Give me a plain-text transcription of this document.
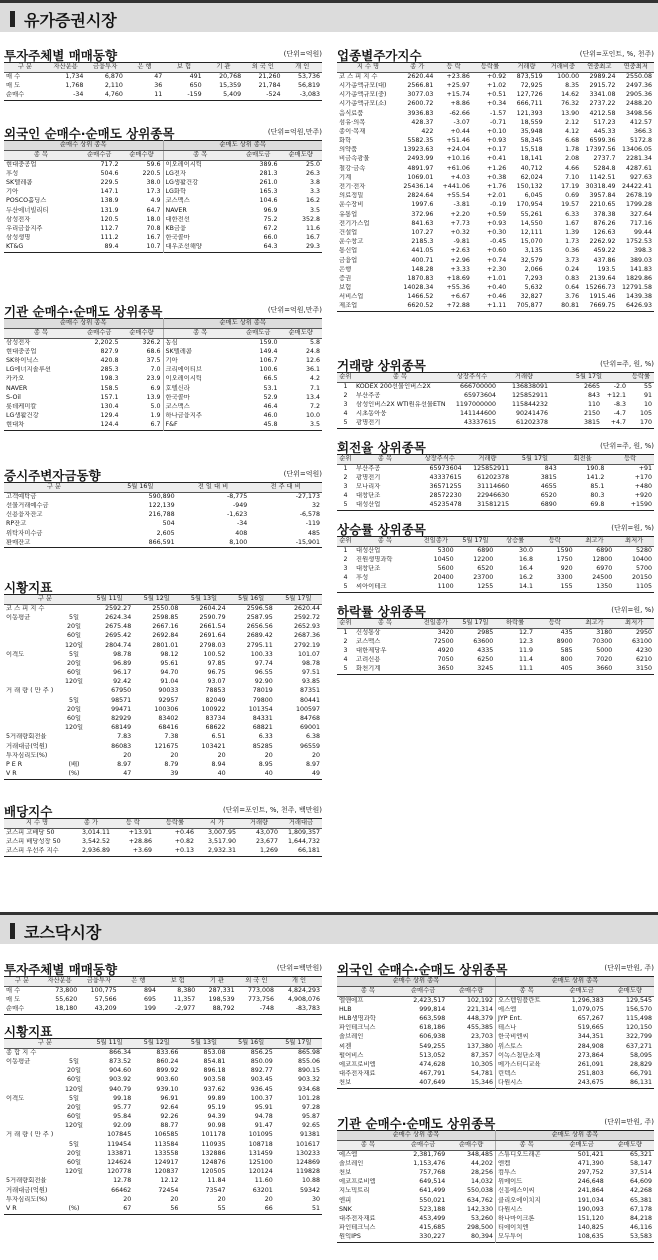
유가증권시장
투자주체별 매매동향	(단위=억원)
구 분	자산운용	금융투자	은 행	보 험	기 관	외 국 인	개 인
매 수	1,734	6,870	47	491	20,768	21,260	53,736
매 도	1,768	2,110	36	650	15,359	21,784	56,819
순매수	-34	4,760	11	-159	5,409	-524	-3,083
외국인 순매수·순매도 상위종목	(단위=억원,만주)
순매수 상위 종목			순매도 상위 종목		
종 목	순매수금	순매수량	종 목	순매도금	순매도량
현대중공업	717.2	59.6	이오레이시틱	389.6	25.0
후성	504.6	220.5	LG전자	281.3	26.3
SK텔레콤	229.5	38.0	LG생활건강	261.0	3.8
기아	147.1	17.3	LG화학	165.3	3.3
POSCO홀딩스	138.9	4.9	코스맥스	104.6	16.2
두산에너빌리티	131.9	64.7	NAVER	96.9	3.5
삼성전자	120.5	18.0	대한전선	75.2	352.8
우리금융지주	112.7	70.8	KB금융	67.2	11.6
삼성생명	111.2	16.7	한국콜마	66.0	16.7
KT&G	89.4	10.7	대우조선해양	64.3	29.3
기관 순매수·순매도 상위종목	(단위=억원,만주)
순매수 상위 종목			순매도 상위 종목		
종 목	순매수금	순매수량	종 목	순매도금	순매도량
삼성전자	2,202.5	326.2	농심	159.0	5.8
현대중공업	827.9	68.6	SK텔레콤	149.4	24.8
SK하이닉스	420.8	37.5	기아	106.7	12.6
LG에너지솔루션	285.3	7.0	크리에이티브	100.6	36.1
카카오	198.3	23.9	이오레이시틱	66.5	4.2
NAVER	158.5	6.9	호텔신라	53.1	7.1
S-Oil	157.1	13.9	한국콜마	52.9	13.4
롯데케미칼	130.4	5.0	코스맥스	46.4	7.2
LG생활건강	129.4	1.9	하나금융지주	46.0	10.0
현대차	124.4	6.7	F&F	45.8	3.5
증시주변자금동향	(단위=억원)
구 분	5월 16일	전 일 대 비	전 주 대 비
고객예탁금	590,890	-8,775	-27,173
선물거래예수금	122,139	-949	32
신용융자잔고	216,788	-1,623	-6,578
RP잔고	504	-34	-119
위탁자미수금	2,605	408	485
환매잔고	866,591	8,100	-15,901
시황지표
구 분		5월 11일	5월 12일	5월 13일	5월 16일	5월 17일
코 스 피 지 수		2592.27	2550.08	2604.24	2596.58	2620.44
이동평균	5일	2624.34	2598.85	2590.79	2587.95	2592.72
	20일	2675.48	2667.16	2661.54	2656.56	2652.93
	60일	2695.42	2692.84	2691.64	2689.42	2687.36
	120일	2804.74	2801.01	2798.03	2795.11	2792.19
이격도	5일	98.78	98.12	100.52	100.33	101.07
	20일	96.89	95.61	97.85	97.74	98.78
	60일	96.17	94.70	96.75	96.55	97.51
	120일	92.42	91.04	93.07	92.90	93.85
거 래 량 ( 만 주 )		67950	90033	78853	78019	87351
	5일	98571	92957	82049	79800	80441
	20일	99471	100306	100922	101354	100597
	60일	82929	83402	83734	84331	84768
	120일	68149	68416	68622	68821	69001
5거래량회전율		7.83	7.38	6.51	6.33	6.38
거래대금(억원)		86083	121675	103421	85285	96559
투자심리도(%)		20	20	20	20	20
P E R	(배)	8.97	8.79	8.94	8.95	8.97
V R	(%)	47	39	40	40	49
배당지수	(단위=포인트, %, 천주, 백만원)
지 수 명	종 가	등 락	등락률	시 가	거래량	거래대금
코스피 고배당 50	3,014.11	+13.91	+0.46	3,007.95	43,070	1,809,357
코스피 배당성장 50	3,542.52	+28.86	+0.82	3,517.90	23,677	1,644,732
코스피 우선주 지수	2,936.89	+3.69	+0.13	2,932.31	1,269	66,181
업종별주가지수	(단위=포인트, %, 천주)
지 수 명	종 가	등 락	등락률	거래량	거래비중	연중최고	연중최저
코 스 피 지 수	2620.44	+23.86	+0.92	873,519	100.00	2989.24	2550.08
시가총액규모(대)	2566.81	+25.97	+1.02	72,925	8.35	2915.72	2497.36
시가총액규모(중)	3077.03	+15.74	+0.51	127,726	14.62	3341.08	2905.36
시가총액규모(소)	2600.72	+8.86	+0.34	666,711	76.32	2737.22	2488.20
음식료품	3936.83	-62.66	-1.57	121,393	13.90	4212.58	3498.56
섬유·의복	428.37	-3.07	-0.71	18,559	2.12	517.23	412.57
종이·목재	422	+0.44	+0.10	35,948	4.12	445.33	366.3
화학	5582.35	+51.46	+0.93	58,345	6.68	6599.36	5172.8
의약품	13923.63	+24.04	+0.17	15,518	1.78	17397.56	13406.05
비금속광물	2493.99	+10.16	+0.41	18,141	2.08	2737.7	2281.34
철강·금속	4891.97	+61.06	+1.26	40,712	4.66	5284.8	4287.61
기계	1069.01	+4.03	+0.38	62,024	7.10	1142.51	927.63
전기·전자	25436.14	+441.06	+1.76	150,132	17.19	30318.49	24422.41
의료정밀	2824.64	+55.54	+2.01	6,045	0.69	3957.84	2678.19
운수장비	1997.6	-3.81	-0.19	170,954	19.57	2210.65	1799.28
유통업	372.96	+2.20	+0.59	55,261	6.33	378.38	327.64
전기가스업	841.63	+7.73	+0.93	14,550	1.67	876.26	717.16
건설업	107.27	+0.32	+0.30	12,111	1.39	126.63	99.44
운수창고	2185.3	-9.81	-0.45	15,070	1.73	2262.92	1752.53
통신업	441.05	+2.63	+0.60	3,135	0.36	459.22	398.3
금융업	400.71	+2.96	+0.74	32,579	3.73	437.86	389.03
은행	148.28	+3.33	+2.30	2,066	0.24	193.5	141.83
증권	1870.83	+18.69	+1.01	7,293	0.83	2139.64	1829.86
보험	14028.34	+55.36	+0.40	5,632	0.64	15266.73	12791.58
서비스업	1466.52	+6.67	+0.46	32,827	3.76	1915.46	1439.38
제조업	6620.52	+72.88	+1.11	705,877	80.81	7669.75	6426.93
거래량 상위종목	(단위=주, 원, %)
순위	종 목	상장주식수	거래량	5월 17일		등락률
1	KODEX 200선물인버스2X	666700000	136838091	2665	-2.0	55
2	부산주공	65973604	125852911	843	+12.1	91
3	삼성인버스2X WTI원유선물ETN	1197000000	115844232	110	-8.3	10
4	시초동아웅	141144600	90241476	2150	-4.7	105
5	광명전기	43337615	61202378	3815	+4.7	170
회전율 상위종목	(단위=주, 원, %)
순위	종 목	상장주식수	거래량	5월 17일	회전율	등락
1	부산주공	65973604	125852911	843	190.8	+91
2	광명전기	43337615	61202378	3815	141.2	+170
3	모나리자	36571255	31114660	4655	85.1	+480
4	대창단조	28572230	22946630	6520	80.3	+920
5	대성산업	45235478	31581215	6890	69.8	+1590
상승률 상위종목	(단위=원, %)
순위	종 목	전일종가	5월 17일	상승률	등락	최고가	최저가
1	대성산업	5300	6890	30.0	1590	6890	5280
2	진원생명과학	10450	12200	16.8	1750	12800	10400
3	대창단조	5600	6520	16.4	920	6970	5700
4	후성	20400	23700	16.2	3300	24500	20150
5	씨아이테크	1100	1255	14.1	155	1350	1105
하락률 상위종목	(단위=원, %)
순위	종 목	전일종가	5월 17일	하락률	등락	최고가	최저가
1	신성통상	3420	2985	12.7	435	3180	2950
2	코스맥스	72500	63600	12.3	8900	70300	63100
3	대한제당우	4920	4335	11.9	585	5000	4230
4	고려신용	7050	6250	11.4	800	7020	6210
5	화천기계	3650	3245	11.1	405	3660	3150
코스닥시장
투자주체별 매매동향	(단위=백만원)
구 분	자산운용	금융투자	은 행	보 험	기 관	외 국 인	개 인
매 수	73,800	100,775	894	8,380	287,331	773,008	4,824,293
매 도	55,620	57,566	695	11,357	198,539	773,756	4,908,076
순매수	18,180	43,209	199	-2,977	88,792	-748	-83,783
시황지표
구 분		5월 11일	5월 12일	5월 13일	5월 16일	5월 17일
종 합 지 수		866.34	833.66	853.08	856.25	865.98
이동평균	5일	873.52	860.24	854.81	850.09	855.06
	20일	904.60	899.92	896.18	892.77	890.15
	60일	903.92	903.60	903.58	903.45	903.32
	120일	940.79	939.10	937.62	936.45	934.68
이격도	5일	99.18	96.91	99.89	100.37	101.28
	20일	95.77	92.64	95.19	95.91	97.28
	60일	95.84	92.26	94.39	94.78	95.87
	120일	92.09	88.77	90.98	91.47	92.65
거 래 량 ( 만 주 )		107845	106585	101178	101095	91381
	5일	119454	113584	110935	108718	101617
	20일	133871	133558	132886	131459	130233
	60일	124624	124917	124876	125100	124869
	120일	120778	120837	120505	120124	119828
5거래량회전율		12.78	12.12	11.84	11.60	10.88
거래대금(억원)		66462	72454	73547	63201	59342
투자심리도(%)		20	20	20	20	30
V R	(%)	67	56	55	66	51
외국인 순매수·순매도 상위종목	(단위=만원, 주)
순매수 상위 종목			순매도 상위 종목		
종 목	순매수금	순매수량	종 목	순매도금	순매도량
엘앤에프	2,423,517	102,192	오스템임플란트	1,296,383	129,545
HLB	999,814	221,314	에스엠	1,079,075	156,570
HLB생명과학	663,598	448,379	JYP Ent.	657,267	115,498
파인테크닉스	618,186	455,385	테스나	519,665	120,150
솔브레인	606,938	23,703	한국비엔씨	344,351	322,799
씨젠	549,255	137,380	위스토스	284,908	637,271
펄어비스	513,052	87,357	이녹스첨단소재	273,864	58,095
에코프로비엠	474,628	10,305	메가스터디교육	261,091	28,829
대주전자재료	467,791	54,781	린텍스	251,803	66,791
천보	407,649	15,346	다원시스	243,675	86,131
기관 순매수·순매도 상위종목	(단위=만원, 주)
순매수 상위 종목			순매도 상위 종목		
종 목	순매수금	순매수량	종 목	순매도금	순매도량
에스엠	2,381,769	348,485	스튜디오드래곤	501,421	65,321
솔브레인	1,153,476	44,202	엔켐	471,390	58,147
천보	757,768	28,256	컴투스	297,752	37,514
에코프로비엠	649,514	14,032	위메이드	246,648	64,609
지노믹트리	641,499	550,038	신흥에스이씨	241,864	42,268
엔피	550,021	634,762	클리오에이치지	191,034	65,381
SNK	523,188	142,330	다원시스	190,093	67,178
대주전자재료	453,499	53,260	하나마이크론	151,120	84,218
파인테크닉스	415,685	298,500	티에이치엔	140,825	46,116
원익IPS	330,227	80,394	모두투어	108,635	53,583
